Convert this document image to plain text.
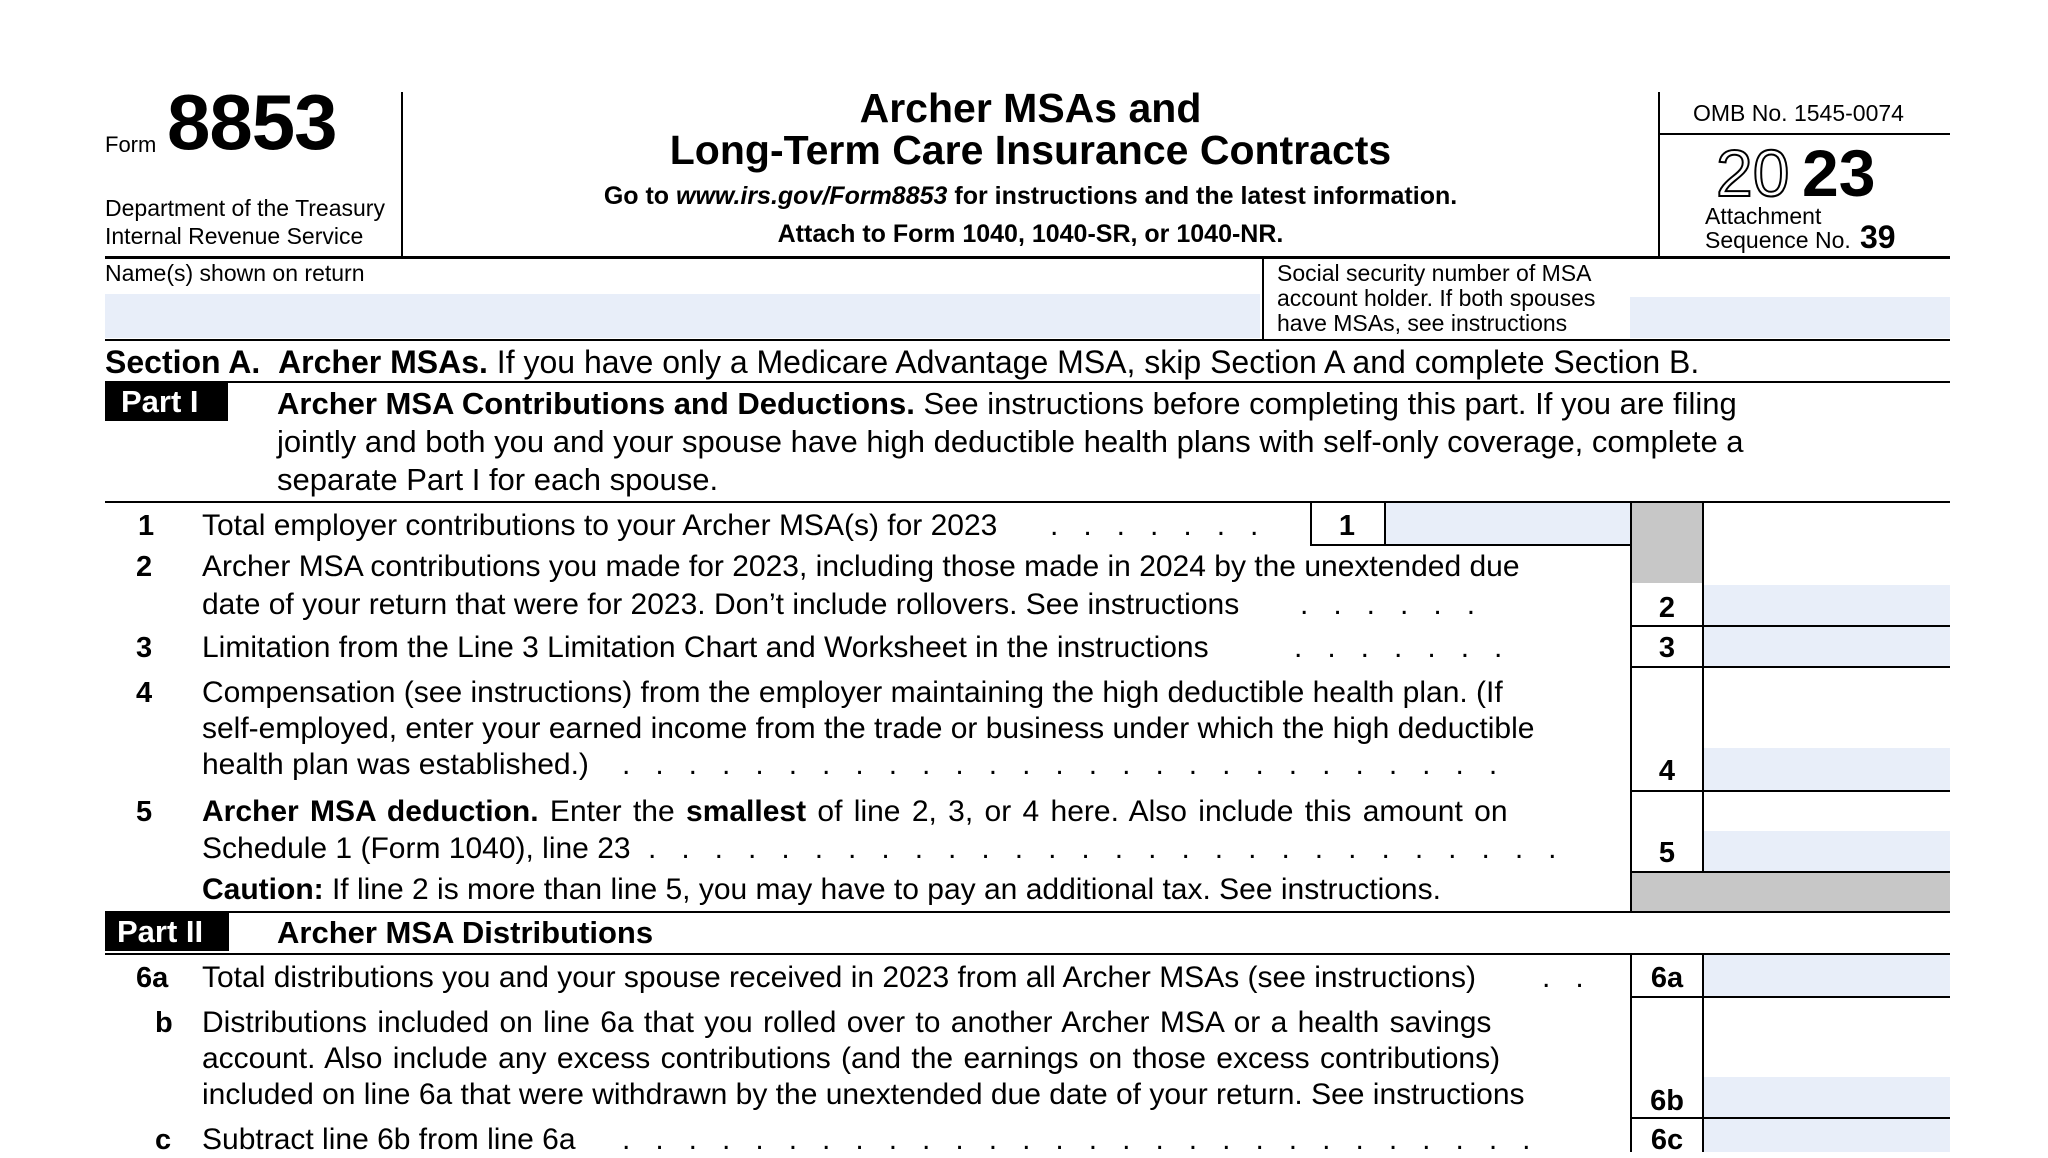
Form 8853
Department of the Treasury
Internal Revenue Service
Archer MSAs and
Long-Term Care Insurance Contracts
Go to www.irs.gov/Form8853 for instructions and the latest information.
Attach to Form 1040, 1040-SR, or 1040-NR.
OMB No. 1545-0074
20 23
Attachment
Sequence No. 39
Name(s) shown on return	Social security number of MSA
account holder. If both spouses
have MSAs, see instructions
Section A. Archer MSAs. If you have only a Medicare Advantage MSA, skip Section A and complete Section B.
Part I	Archer MSA Contributions and Deductions. See instructions before completing this part. If you are filing
jointly and both you and your spouse have high deductible health plans with self-only coverage, complete a
separate Part I for each spouse.
1 Total employer contributions to your Archer MSA(s) for 2023 .   .   .   .   .   .   .	1
2 Archer MSA contributions you made for 2023, including those made in 2024 by the unextended due
date of your return that were for 2023. Don’t include rollovers. See instructions .   .   .   .   .   .	2
3 Limitation from the Line 3 Limitation Chart and Worksheet in the instructions	.   .   .   .   .   .   .	3
4 Compensation (see instructions) from the employer maintaining the high deductible health plan. (If
self-employed, enter your earned income from the trade or business under which the high deductible
health plan was established.) .   .   .   .   .   .   .   .   .   .   .   .   .   .   .   .   .   .   .   .   .   .   .   .   .   .   .	4
5 Archer MSA deduction. Enter the smallest of line 2, 3, or 4 here. Also include this amount on
Schedule 1 (Form 1040), line 23 .   .   .   .   .   .   .   .   .   .   .   .   .   .   .   .   .   .   .   .   .   .   .   .   .   .   .   .	5
Caution: If line 2 is more than line 5, you may have to pay an additional tax. See instructions.
Part II	Archer MSA Distributions
6a Total distributions you and your spouse received in 2023 from all Archer MSAs (see instructions) .   .	6a
b Distributions included on line 6a that you rolled over to another Archer MSA or a health savings
account. Also include any excess contributions (and the earnings on those excess contributions)
included on line 6a that were withdrawn by the unextended due date of your return. See instructions	6b
c Subtract line 6b from line 6a .   .   .   .   .   .   .   .   .   .   .   .   .   .   .   .   .   .   .   .   .   .   .   .   .   .   .   .	6c
